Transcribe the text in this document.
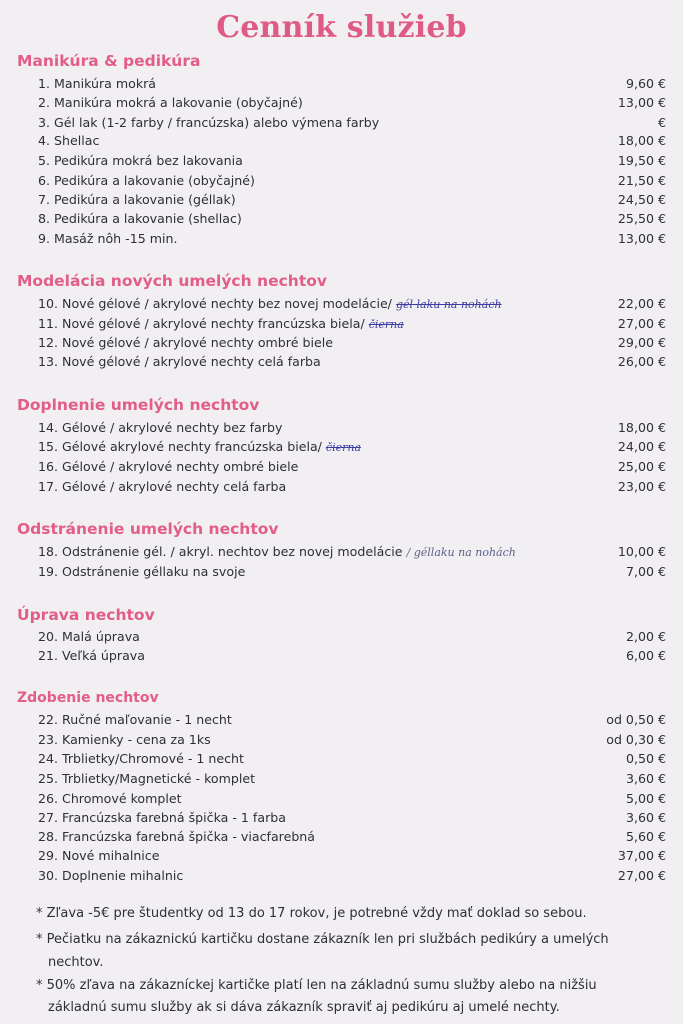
Cenník služieb
Manikúra & pedikúra
1. Manikúra mokrá	9,60 €
2. Manikúra mokrá a lakovanie (obyčajné)	13,00 €
3. Gél lak (1-2 farby / francúzska) alebo výmena farby	€
4. Shellac	18,00 €
5. Pedikúra mokrá bez lakovania	19,50 €
6. Pedikúra a lakovanie (obyčajné)	21,50 €
7. Pedikúra a lakovanie (géllak)	24,50 €
8. Pedikúra a lakovanie (shellac)	25,50 €
9. Masáž nôh -15 min.	13,00 €
Modelácia nových umelých nechtov
10. Nové gélové / akrylové nechty bez novej modelácie/ gél laku na nohách	22,00 €
11. Nové gélové / akrylové nechty francúzska biela/ čierna	27,00 €
12. Nové gélové / akrylové nechty ombré biele	29,00 €
13. Nové gélové / akrylové nechty celá farba	26,00 €
Doplnenie umelých nechtov
14. Gélové / akrylové nechty bez farby	18,00 €
15. Gélové akrylové nechty francúzska biela/ čierna	24,00 €
16. Gélové / akrylové nechty ombré biele	25,00 €
17. Gélové / akrylové nechty celá farba	23,00 €
Odstránenie umelých nechtov
18. Odstránenie gél. / akryl. nechtov bez novej modelácie / géllaku na nohách	10,00 €
19. Odstránenie géllaku na svoje	7,00 €
Úprava nechtov
20. Malá úprava	2,00 €
21. Veľká úprava	6,00 €
Zdobenie nechtov
22. Ručné maľovanie - 1 necht	od 0,50 €
23. Kamienky - cena za 1ks	od 0,30 €
24. Trblietky/Chromové - 1 necht	0,50 €
25. Trblietky/Magnetické - komplet	3,60 €
26. Chromové komplet	5,00 €
27. Francúzska farebná špička - 1 farba	3,60 €
28. Francúzska farebná špička - viacfarebná	5,60 €
29. Nové mihalnice	37,00 €
30. Doplnenie mihalnic	27,00 €
* Zľava -5€ pre študentky od 13 do 17 rokov, je potrebné vždy mať doklad so sebou.
* Pečiatku na zákaznickú kartičku dostane zákazník len pri službách pedikúry a umelých
nechtov.
* 50% zľava na zákazníckej kartičke platí len na základnú sumu služby alebo na nižšiu
základnú sumu služby ak si dáva zákazník spraviť aj pedikúru aj umelé nechty.
